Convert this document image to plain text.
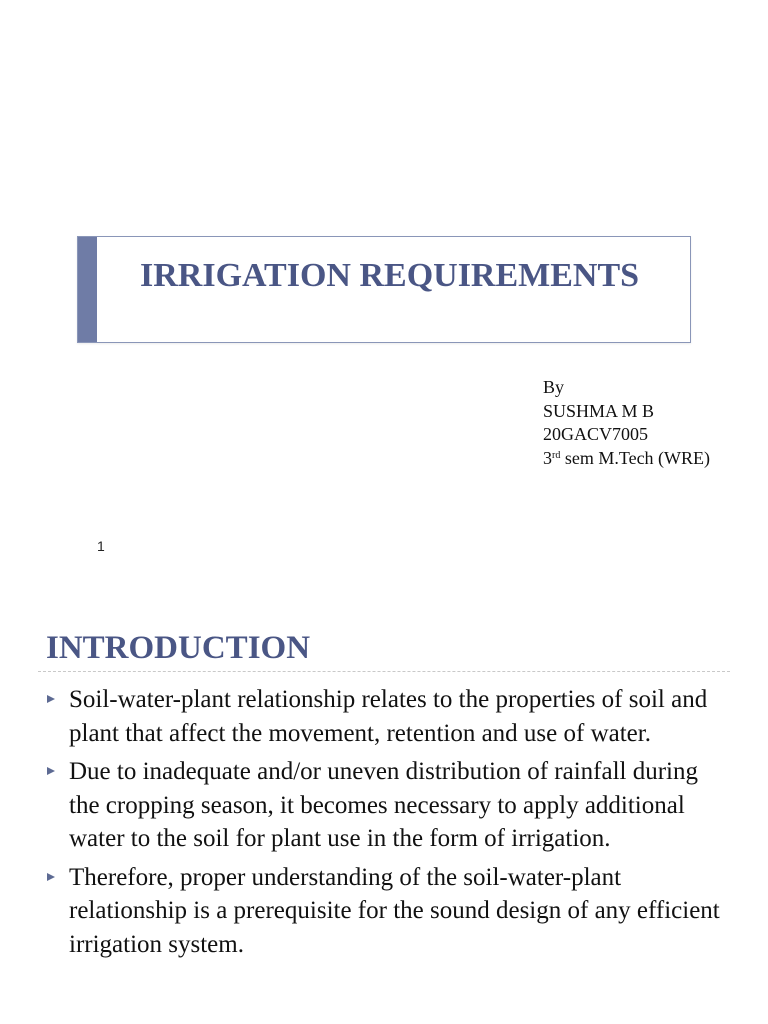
IRRIGATION REQUIREMENTS
By
SUSHMA M B
20GACV7005
3rd sem M.Tech (WRE)
1
INTRODUCTION
Soil-water-plant relationship relates to the properties of soil and plant that affect the movement, retention and use of water.
Due to inadequate and/or uneven distribution of rainfall during the cropping season, it becomes necessary to apply additional water to the soil for plant use in the form of irrigation.
Therefore, proper understanding of the soil-water-plant relationship is a prerequisite for the sound design of any efficient irrigation system.
